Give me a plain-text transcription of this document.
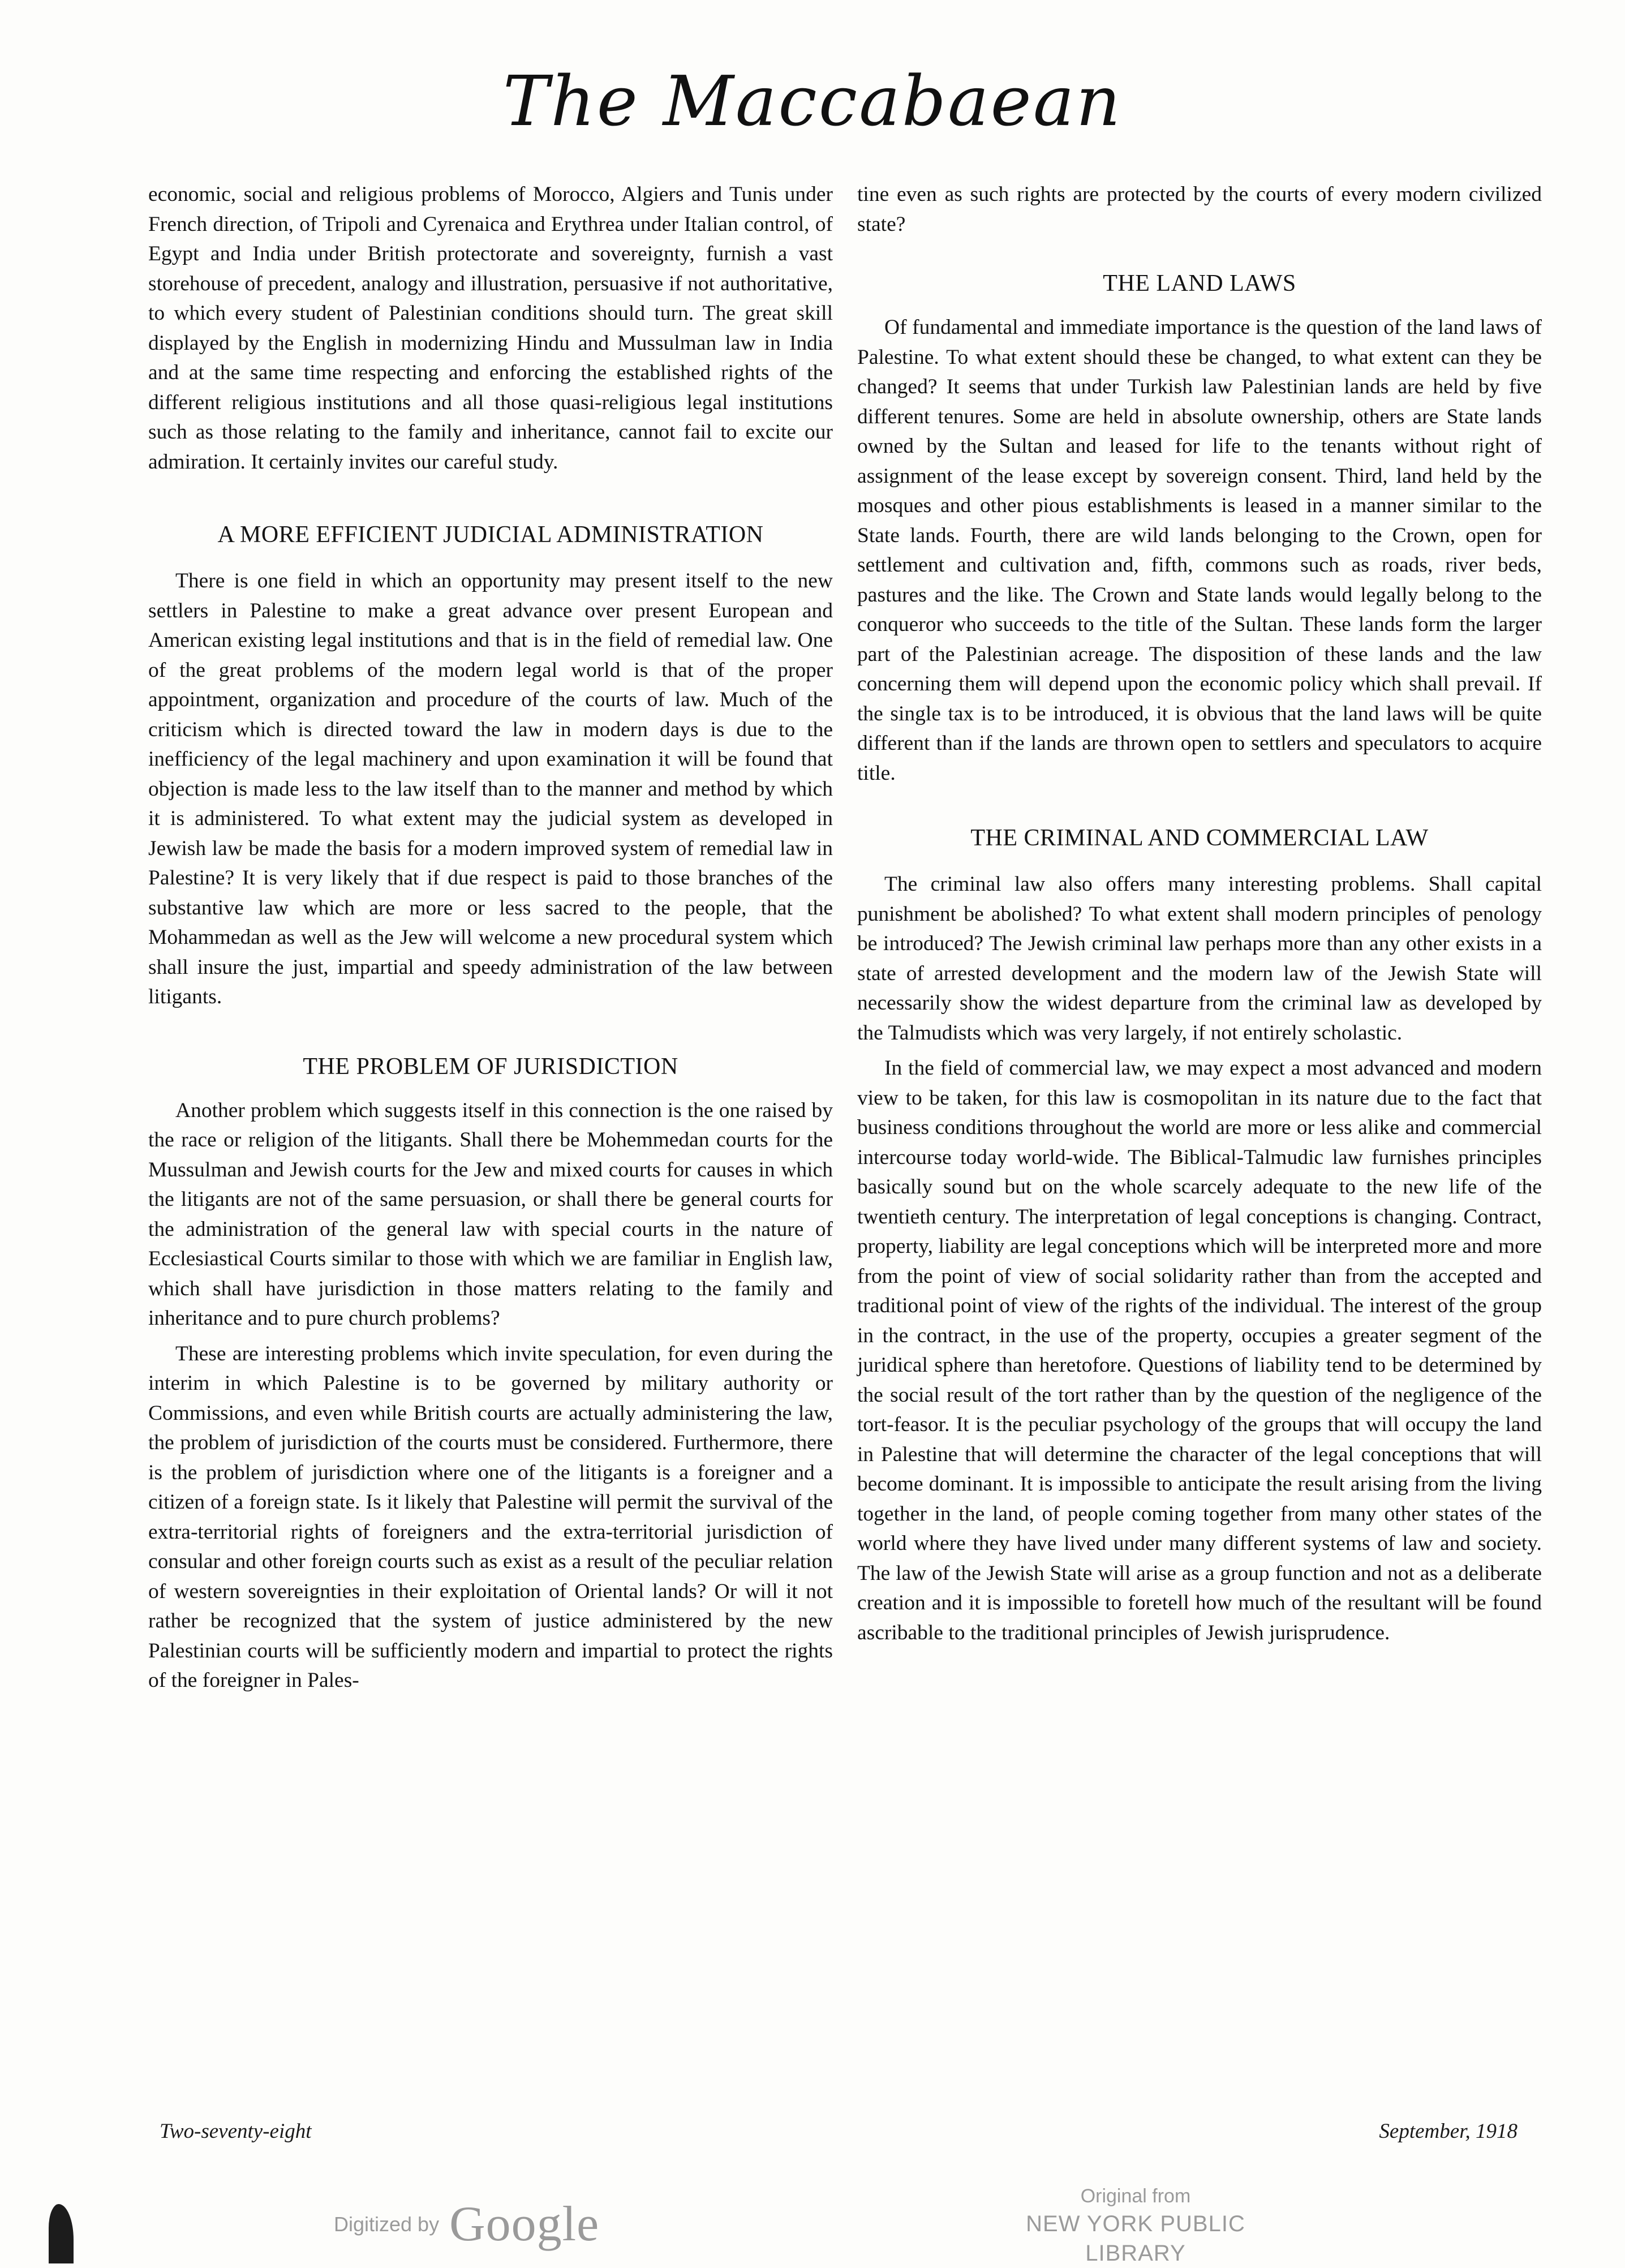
The Maccabaean

economic, social and religious problems of Morocco, Algiers and Tunis under French direction, of Tripoli and Cyrenaica and Erythrea under Italian control, of Egypt and India under British protectorate and sovereignty, furnish a vast storehouse of precedent, analogy and illustration, persuasive if not authoritative, to which every student of Palestinian conditions should turn. The great skill displayed by the English in modernizing Hindu and Mussulman law in India and at the same time respecting and enforcing the established rights of the different religious institutions and all those quasi-religious legal institutions such as those relating to the family and inheritance, cannot fail to excite our admiration. It certainly invites our careful study.

A MORE EFFICIENT JUDICIAL ADMINISTRATION

There is one field in which an opportunity may present itself to the new settlers in Palestine to make a great advance over present European and American existing legal institutions and that is in the field of remedial law. One of the great problems of the modern legal world is that of the proper appointment, organization and procedure of the courts of law. Much of the criticism which is directed toward the law in modern days is due to the inefficiency of the legal machinery and upon examination it will be found that objection is made less to the law itself than to the manner and method by which it is administered. To what extent may the judicial system as developed in Jewish law be made the basis for a modern improved system of remedial law in Palestine? It is very likely that if due respect is paid to those branches of the substantive law which are more or less sacred to the people, that the Mohammedan as well as the Jew will welcome a new procedural system which shall insure the just, impartial and speedy administration of the law between litigants.

THE PROBLEM OF JURISDICTION

Another problem which suggests itself in this connection is the one raised by the race or religion of the litigants. Shall there be Mohemmedan courts for the Mussulman and Jewish courts for the Jew and mixed courts for causes in which the litigants are not of the same persuasion, or shall there be general courts for the administration of the general law with special courts in the nature of Ecclesiastical Courts similar to those with which we are familiar in English law, which shall have jurisdiction in those matters relating to the family and inheritance and to pure church problems?

These are interesting problems which invite speculation, for even during the interim in which Palestine is to be governed by military authority or Commissions, and even while British courts are actually administering the law, the problem of jurisdiction of the courts must be considered. Furthermore, there is the problem of jurisdiction where one of the litigants is a foreigner and a citizen of a foreign state. Is it likely that Palestine will permit the survival of the extra-territorial rights of foreigners and the extra-territorial jurisdiction of consular and other foreign courts such as exist as a result of the peculiar relation of western sovereignties in their exploitation of Oriental lands? Or will it not rather be recognized that the system of justice administered by the new Palestinian courts will be sufficiently modern and impartial to protect the rights of the foreigner in Pales-

tine even as such rights are protected by the courts of every modern civilized state?

THE LAND LAWS

Of fundamental and immediate importance is the question of the land laws of Palestine. To what extent should these be changed, to what extent can they be changed? It seems that under Turkish law Palestinian lands are held by five different tenures. Some are held in absolute ownership, others are State lands owned by the Sultan and leased for life to the tenants without right of assignment of the lease except by sovereign consent. Third, land held by the mosques and other pious establishments is leased in a manner similar to the State lands. Fourth, there are wild lands belonging to the Crown, open for settlement and cultivation and, fifth, commons such as roads, river beds, pastures and the like. The Crown and State lands would legally belong to the conqueror who succeeds to the title of the Sultan. These lands form the larger part of the Palestinian acreage. The disposition of these lands and the law concerning them will depend upon the economic policy which shall prevail. If the single tax is to be introduced, it is obvious that the land laws will be quite different than if the lands are thrown open to settlers and speculators to acquire title.

THE CRIMINAL AND COMMERCIAL LAW

The criminal law also offers many interesting problems. Shall capital punishment be abolished? To what extent shall modern principles of penology be introduced? The Jewish criminal law perhaps more than any other exists in a state of arrested development and the modern law of the Jewish State will necessarily show the widest departure from the criminal law as developed by the Talmudists which was very largely, if not entirely scholastic.

In the field of commercial law, we may expect a most advanced and modern view to be taken, for this law is cosmopolitan in its nature due to the fact that business conditions throughout the world are more or less alike and commercial intercourse today world-wide. The Biblical-Talmudic law furnishes principles basically sound but on the whole scarcely adequate to the new life of the twentieth century. The interpretation of legal conceptions is changing. Contract, property, liability are legal conceptions which will be interpreted more and more from the point of view of social solidarity rather than from the accepted and traditional point of view of the rights of the individual. The interest of the group in the contract, in the use of the property, occupies a greater segment of the juridical sphere than heretofore. Questions of liability tend to be determined by the social result of the tort rather than by the question of the negligence of the tort-feasor. It is the peculiar psychology of the groups that will occupy the land in Palestine that will determine the character of the legal conceptions that will become dominant. It is impossible to anticipate the result arising from the living together in the land, of people coming together from many other states of the world where they have lived under many different systems of law and society. The law of the Jewish State will arise as a group function and not as a deliberate creation and it is impossible to foretell how much of the resultant will be found ascribable to the traditional principles of Jewish jurisprudence.

Two-seventy-eight	September, 1918
Digitized by Google
Original from
NEW YORK PUBLIC LIBRARY
